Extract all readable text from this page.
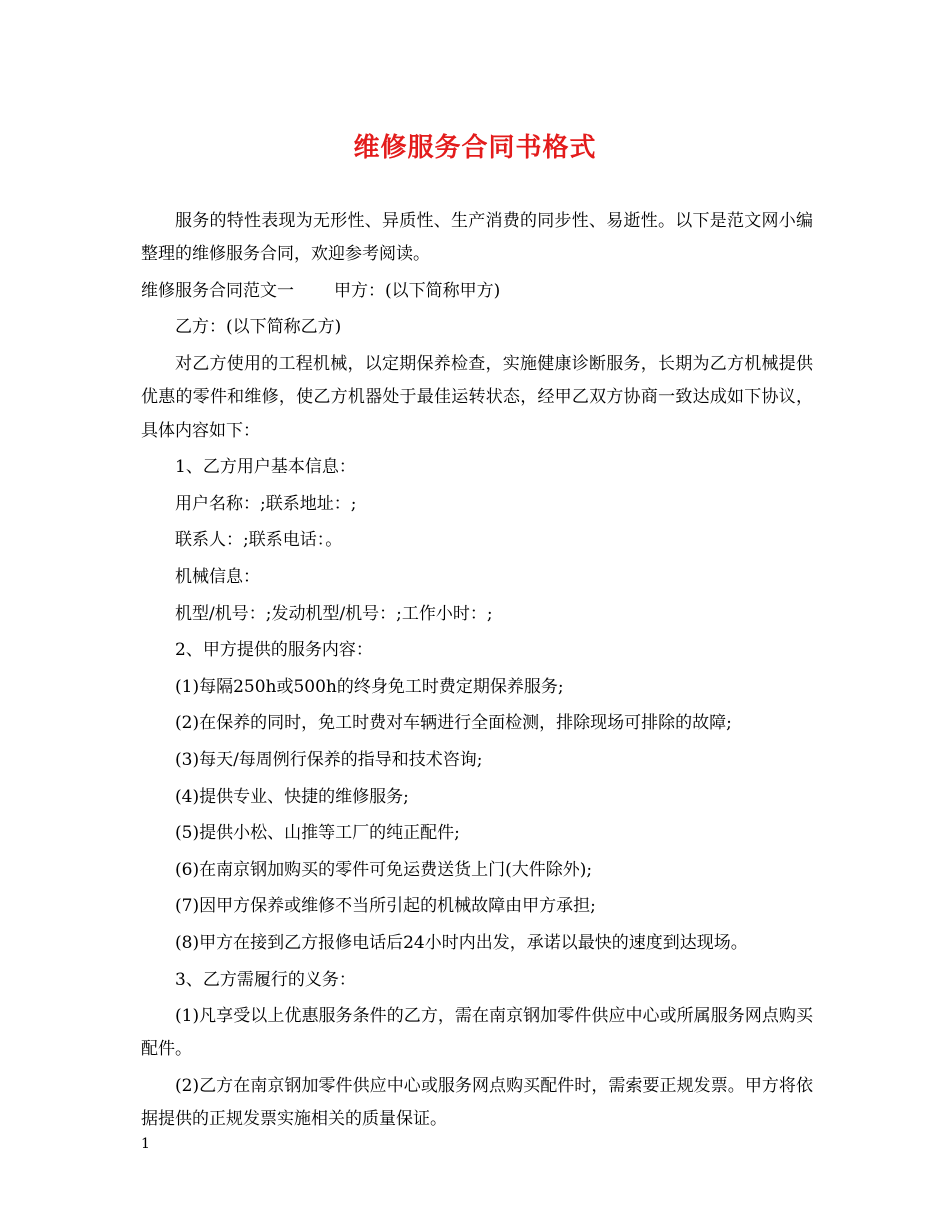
维修服务合同书格式

服务的特性表现为无形性、异质性、生产消费的同步性、易逝性。以下是范文网小编整理的维修服务合同，欢迎参考阅读。

维修服务合同范文一 甲方：(以下简称甲方)

乙方：(以下简称乙方)

对乙方使用的工程机械，以定期保养检查，实施健康诊断服务，长期为乙方机械提供优惠的零件和维修，使乙方机器处于最佳运转状态，经甲乙双方协商一致达成如下协议，具体内容如下：

1、乙方用户基本信息：

用户名称：;联系地址：;

联系人：;联系电话：。

机械信息：

机型/机号：;发动机型/机号：;工作小时：;

2、甲方提供的服务内容：

(1)每隔250h或500h的终身免工时费定期保养服务;

(2)在保养的同时，免工时费对车辆进行全面检测，排除现场可排除的故障;

(3)每天/每周例行保养的指导和技术咨询;

(4)提供专业、快捷的维修服务;

(5)提供小松、山推等工厂的纯正配件;

(6)在南京钢加购买的零件可免运费送货上门(大件除外);

(7)因甲方保养或维修不当所引起的机械故障由甲方承担;

(8)甲方在接到乙方报修电话后24小时内出发，承诺以最快的速度到达现场。

3、乙方需履行的义务：

(1)凡享受以上优惠服务条件的乙方，需在南京钢加零件供应中心或所属服务网点购买配件。

(2)乙方在南京钢加零件供应中心或服务网点购买配件时，需索要正规发票。甲方将依据提供的正规发票实施相关的质量保证。

1
